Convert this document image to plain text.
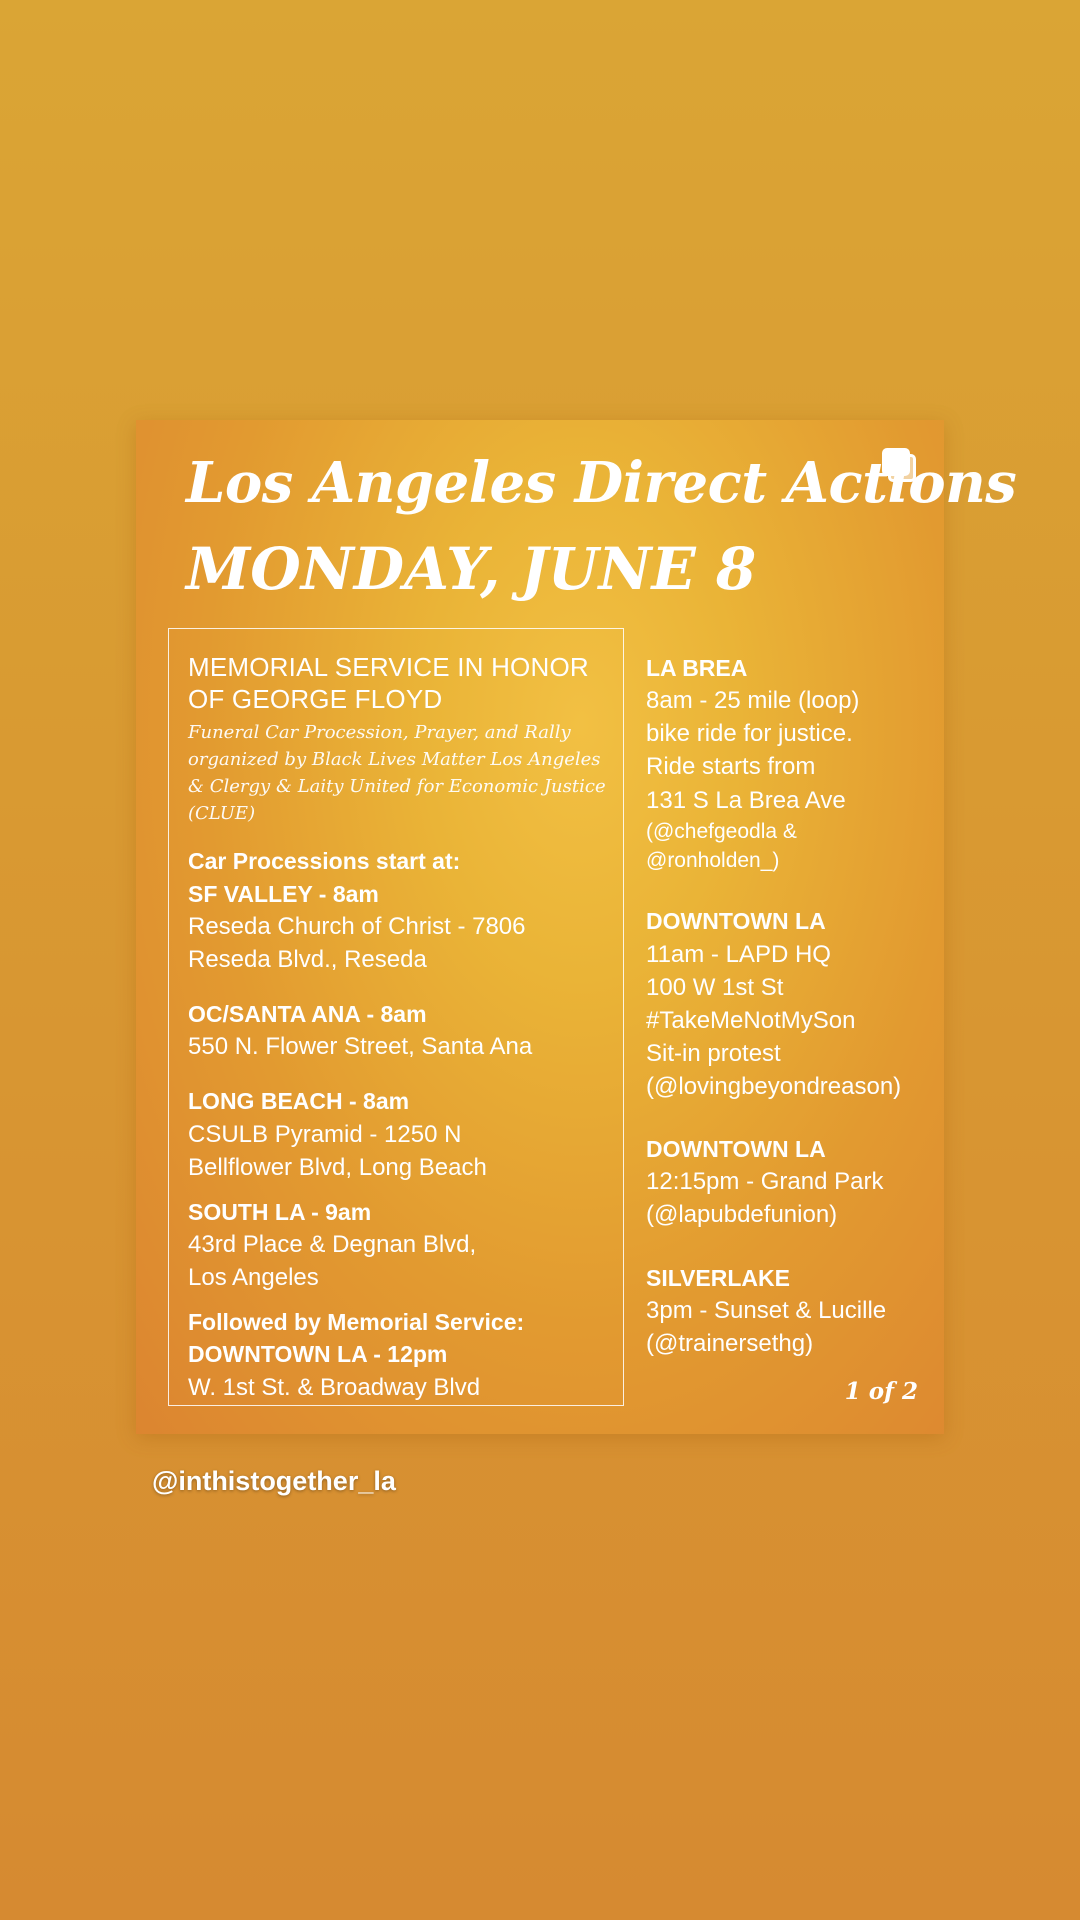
Los Angeles Direct Actions
MONDAY, JUNE 8
MEMORIAL SERVICE IN HONOR
OF GEORGE FLOYD
Funeral Car Procession, Prayer, and Rally
organized by Black Lives Matter Los Angeles
& Clergy & Laity United for Economic Justice
(CLUE)
Car Processions start at:
SF VALLEY - 8am
Reseda Church of Christ - 7806
Reseda Blvd., Reseda
OC/SANTA ANA - 8am
550 N. Flower Street, Santa Ana
LONG BEACH - 8am
CSULB Pyramid - 1250 N
Bellflower Blvd, Long Beach
SOUTH LA - 9am
43rd Place & Degnan Blvd,
Los Angeles
Followed by Memorial Service:
DOWNTOWN LA - 12pm
W. 1st St. & Broadway Blvd
LA BREA
8am - 25 mile (loop)
bike ride for justice.
Ride starts from
131 S La Brea Ave
(@chefgeodla &
@ronholden_)
DOWNTOWN LA
11am - LAPD HQ
100 W 1st St
#TakeMeNotMySon
Sit-in protest
(@lovingbeyondreason)
DOWNTOWN LA
12:15pm - Grand Park
(@lapubdefunion)
SILVERLAKE
3pm - Sunset & Lucille
(@trainersethg)
1 of 2
@inthistogether_la
